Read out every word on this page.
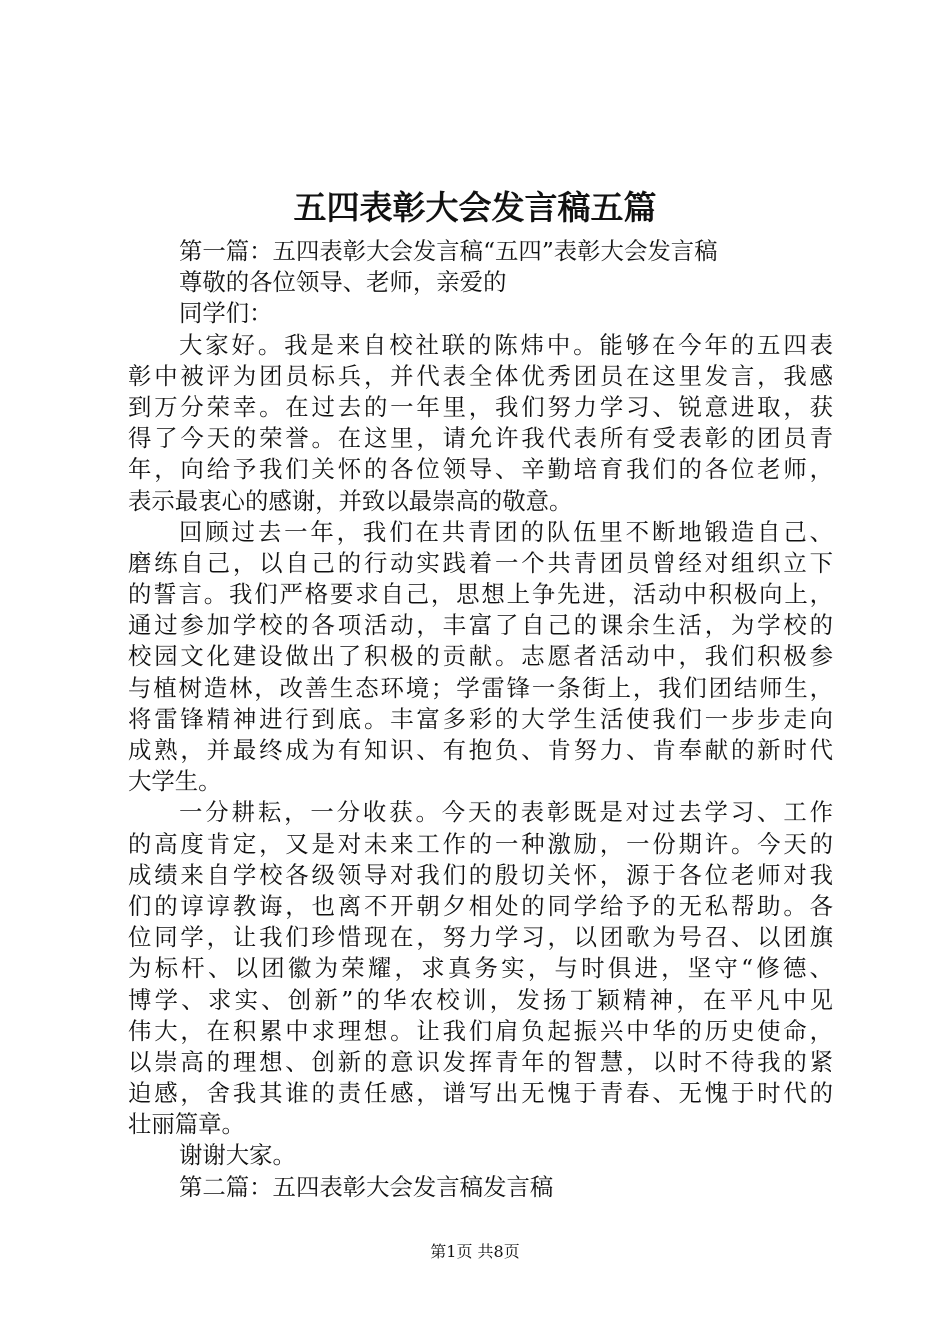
五四表彰大会发言稿五篇
第一篇：五四表彰大会发言稿“五四”表彰大会发言稿
尊敬的各位领导、老师，亲爱的
同学们：
大家好。我是来自校社联的陈炜中。能够在今年的五四表
彰中被评为团员标兵，并代表全体优秀团员在这里发言，我感
到万分荣幸。在过去的一年里，我们努力学习、锐意进取，获
得了今天的荣誉。在这里，请允许我代表所有受表彰的团员青
年，向给予我们关怀的各位领导、辛勤培育我们的各位老师，
表示最衷心的感谢，并致以最崇高的敬意。
回顾过去一年，我们在共青团的队伍里不断地锻造自己、
磨练自己，以自己的行动实践着一个共青团员曾经对组织立下
的誓言。我们严格要求自己，思想上争先进，活动中积极向上，
通过参加学校的各项活动，丰富了自己的课余生活，为学校的
校园文化建设做出了积极的贡献。志愿者活动中，我们积极参
与植树造林，改善生态环境；学雷锋一条街上，我们团结师生，
将雷锋精神进行到底。丰富多彩的大学生活使我们一步步走向
成熟，并最终成为有知识、有抱负、肯努力、肯奉献的新时代
大学生。
一分耕耘，一分收获。今天的表彰既是对过去学习、工作
的高度肯定，又是对未来工作的一种激励，一份期许。今天的
成绩来自学校各级领导对我们的殷切关怀，源于各位老师对我
们的谆谆教诲，也离不开朝夕相处的同学给予的无私帮助。各
位同学，让我们珍惜现在，努力学习，以团歌为号召、以团旗
为标杆、以团徽为荣耀，求真务实，与时俱进，坚守“修德、
博学、求实、创新”的华农校训，发扬丁颖精神，在平凡中见
伟大，在积累中求理想。让我们肩负起振兴中华的历史使命，
以崇高的理想、创新的意识发挥青年的智慧，以时不待我的紧
迫感，舍我其谁的责任感，谱写出无愧于青春、无愧于时代的
壮丽篇章。
谢谢大家。
第二篇：五四表彰大会发言稿发言稿
第1页 共8页
